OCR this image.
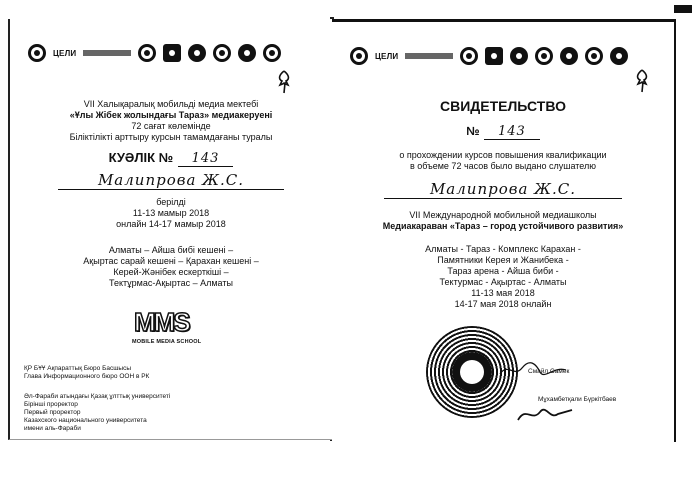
ЦЕЛИ
VII Халықаралық мобильді медиа мектебі
«Ұлы Жібек жолындағы Тараз» медиакеруені
72 сағат көлемінде
Біліктілікті арттыру курсын тамамдағаны туралы
КУӘЛІК № 143
Малипрова Ж.С.
берілді
11-13 мамыр 2018
онлайн 14-17 мамыр 2018
Алматы – Айша бибі кешені –
Ақыртас сарай кешені – Қарахан кешені –
Керей-Жәнібек ескерткіші –
Тектұрмас-Ақыртас – Алматы
MMS
MOBILE MEDIA SCHOOL
ҚР БҰҰ Ақпараттық Бюро Басшысы
Глава Информационного бюро ООН в РК
Әл-Фараби атындағы Қазақ ұлттық университеті
Бірінші проректор
Первый проректор
Казахского национального университета
имени аль-Фараби
ЦЕЛИ
СВИДЕТЕЛЬСТВО
№ 143
о прохождении курсов повышения квалификации
в объеме 72 часов было выдано слушателю
Малипрова Ж.С.
VII Международной мобильной медиашколы
Медиакараван «Тараз – город устойчивого развития»
Алматы - Тараз - Комплекс Карахан -
Памятники Керея и Жанибека -
Тараз арена - Айша биби -
Тектурмас - Ақыртас - Алматы
11-13 мая 2018
14-17 мая 2018 онлайн
Смайл Самек
Мұхамбетқали Бүркітбаев
